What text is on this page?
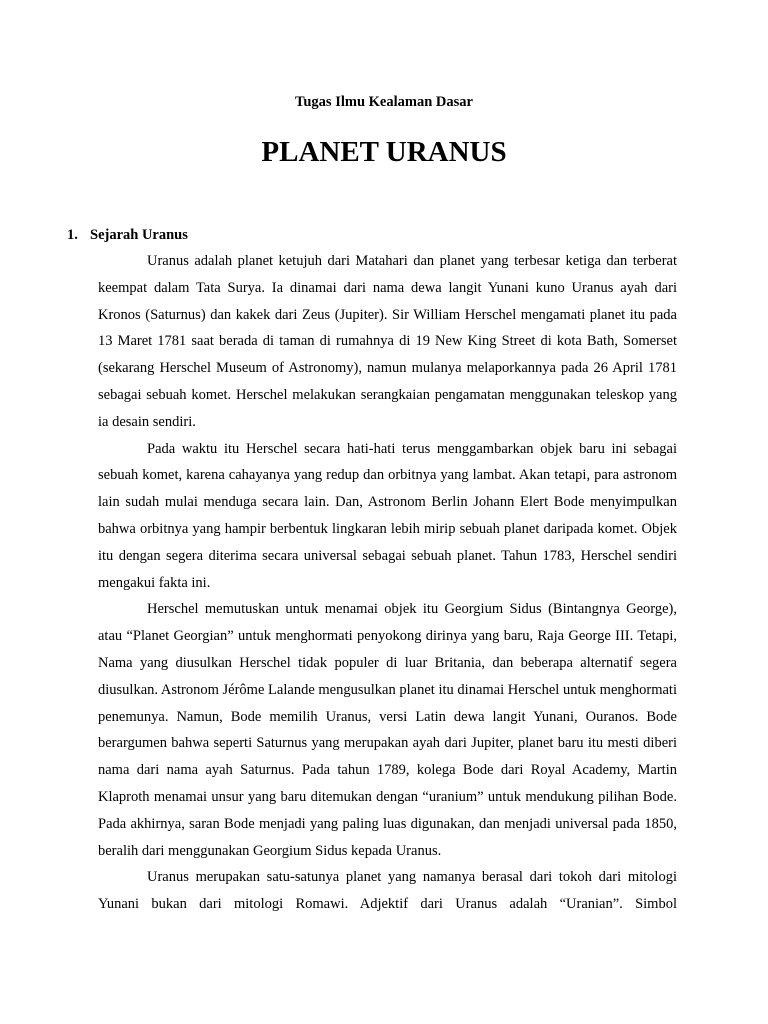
Tugas Ilmu Kealaman Dasar
PLANET URANUS
1. Sejarah Uranus

Uranus adalah planet ketujuh dari Matahari dan planet yang terbesar ketiga dan terberat keempat dalam Tata Surya. Ia dinamai dari nama dewa langit Yunani kuno Uranus ayah dari Kronos (Saturnus) dan kakek dari Zeus (Jupiter). Sir William Herschel mengamati planet itu pada 13 Maret 1781 saat berada di taman di rumahnya di 19 New King Street di kota Bath, Somerset (sekarang Herschel Museum of Astronomy), namun mulanya melaporkannya pada 26 April 1781 sebagai sebuah komet. Herschel melakukan serangkaian pengamatan menggunakan teleskop yang ia desain sendiri.

Pada waktu itu Herschel secara hati-hati terus menggambarkan objek baru ini sebagai sebuah komet, karena cahayanya yang redup dan orbitnya yang lambat. Akan tetapi, para astronom lain sudah mulai menduga secara lain. Dan, Astronom Berlin Johann Elert Bode menyimpulkan bahwa orbitnya yang hampir berbentuk lingkaran lebih mirip sebuah planet daripada komet. Objek itu dengan segera diterima secara universal sebagai sebuah planet. Tahun 1783, Herschel sendiri mengakui fakta ini.

Herschel memutuskan untuk menamai objek itu Georgium Sidus (Bintangnya George), atau “Planet Georgian” untuk menghormati penyokong dirinya yang baru, Raja George III. Tetapi, Nama yang diusulkan Herschel tidak populer di luar Britania, dan beberapa alternatif segera diusulkan. Astronom Jérôme Lalande mengusulkan planet itu dinamai Herschel untuk menghormati penemunya. Namun, Bode memilih Uranus, versi Latin dewa langit Yunani, Ouranos. Bode berargumen bahwa seperti Saturnus yang merupakan ayah dari Jupiter, planet baru itu mesti diberi nama dari nama ayah Saturnus. Pada tahun 1789, kolega Bode dari Royal Academy, Martin Klaproth menamai unsur yang baru ditemukan dengan “uranium” untuk mendukung pilihan Bode. Pada akhirnya, saran Bode menjadi yang paling luas digunakan, dan menjadi universal pada 1850, beralih dari menggunakan Georgium Sidus kepada Uranus.

Uranus merupakan satu-satunya planet yang namanya berasal dari tokoh dari mitologi Yunani bukan dari mitologi Romawi. Adjektif dari Uranus adalah “Uranian”. Simbol
